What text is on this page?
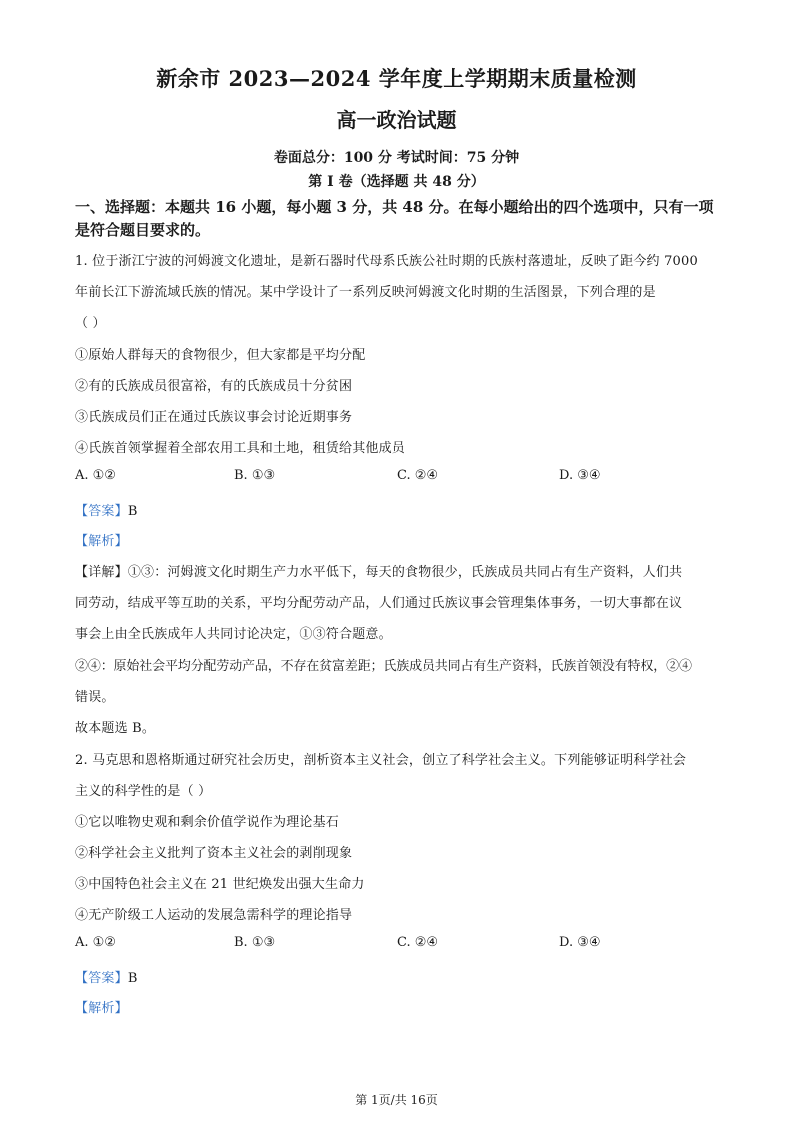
新余市 2023—2024 学年度上学期期末质量检测
高一政治试题
卷面总分：100 分 考试时间：75 分钟
第 I 卷（选择题 共 48 分）
一、选择题：本题共 16 小题，每小题 3 分，共 48 分。在每小题给出的四个选项中，只有一项
是符合题目要求的。
1. 位于浙江宁波的河姆渡文化遗址，是新石器时代母系氏族公社时期的氏族村落遗址，反映了距今约 7000
年前长江下游流域氏族的情况。某中学设计了一系列反映河姆渡文化时期的生活图景，下列合理的是
（ ）
①原始人群每天的食物很少，但大家都是平均分配
②有的氏族成员很富裕，有的氏族成员十分贫困
③氏族成员们正在通过氏族议事会讨论近期事务
④氏族首领掌握着全部农用工具和土地，租赁给其他成员
A. ①②	B. ①③	C. ②④	D. ③④
【答案】B
【解析】
【详解】①③：河姆渡文化时期生产力水平低下，每天的食物很少，氏族成员共同占有生产资料，人们共
同劳动，结成平等互助的关系，平均分配劳动产品，人们通过氏族议事会管理集体事务，一切大事都在议
事会上由全氏族成年人共同讨论决定，①③符合题意。
②④：原始社会平均分配劳动产品，不存在贫富差距；氏族成员共同占有生产资料，氏族首领没有特权，②④
错误。
故本题选 B。
2. 马克思和恩格斯通过研究社会历史，剖析资本主义社会，创立了科学社会主义。下列能够证明科学社会
主义的科学性的是（ ）
①它以唯物史观和剩余价值学说作为理论基石
②科学社会主义批判了资本主义社会的剥削现象
③中国特色社会主义在 21 世纪焕发出强大生命力
④无产阶级工人运动的发展急需科学的理论指导
A. ①②	B. ①③	C. ②④	D. ③④
【答案】B
【解析】
第 1页/共 16页
